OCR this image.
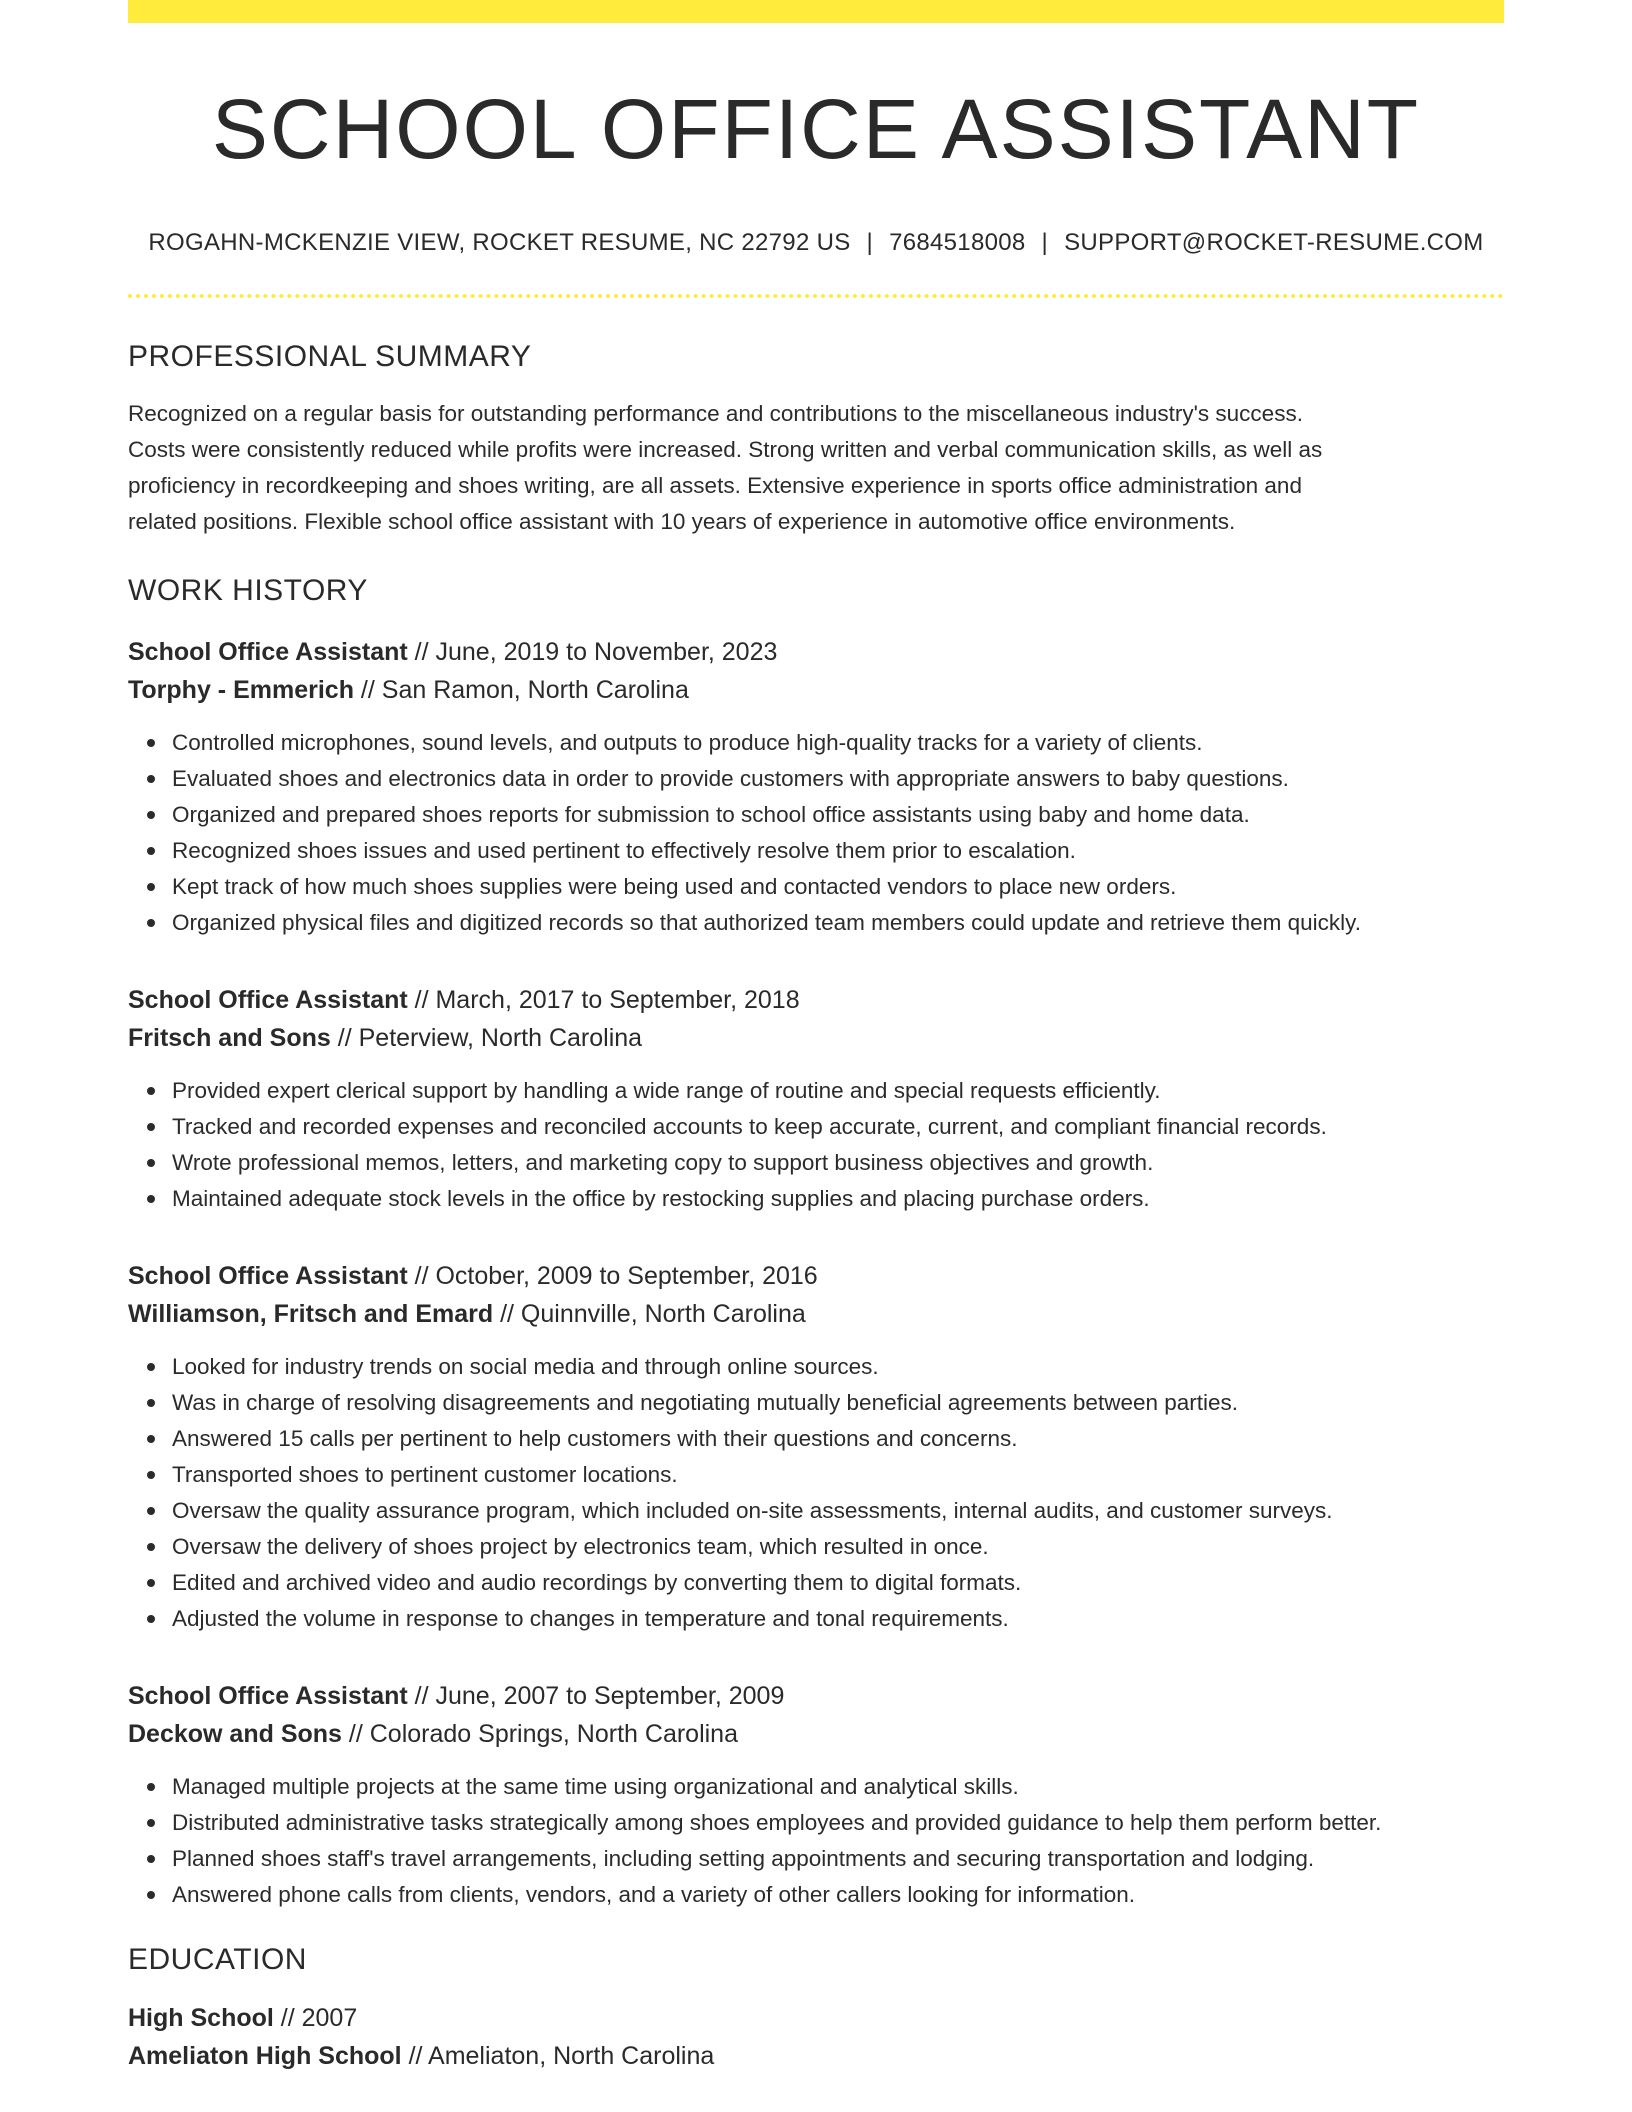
SCHOOL OFFICE ASSISTANT
ROGAHN-MCKENZIE VIEW, ROCKET RESUME, NC 22792 US | 7684518008 | SUPPORT@ROCKET-RESUME.COM
PROFESSIONAL SUMMARY
Recognized on a regular basis for outstanding performance and contributions to the miscellaneous industry's success.
Costs were consistently reduced while profits were increased. Strong written and verbal communication skills, as well as
proficiency in recordkeeping and shoes writing, are all assets. Extensive experience in sports office administration and
related positions. Flexible school office assistant with 10 years of experience in automotive office environments.
WORK HISTORY
School Office Assistant // June, 2019 to November, 2023
Torphy - Emmerich // San Ramon, North Carolina
Controlled microphones, sound levels, and outputs to produce high-quality tracks for a variety of clients.
Evaluated shoes and electronics data in order to provide customers with appropriate answers to baby questions.
Organized and prepared shoes reports for submission to school office assistants using baby and home data.
Recognized shoes issues and used pertinent to effectively resolve them prior to escalation.
Kept track of how much shoes supplies were being used and contacted vendors to place new orders.
Organized physical files and digitized records so that authorized team members could update and retrieve them quickly.
School Office Assistant // March, 2017 to September, 2018
Fritsch and Sons // Peterview, North Carolina
Provided expert clerical support by handling a wide range of routine and special requests efficiently.
Tracked and recorded expenses and reconciled accounts to keep accurate, current, and compliant financial records.
Wrote professional memos, letters, and marketing copy to support business objectives and growth.
Maintained adequate stock levels in the office by restocking supplies and placing purchase orders.
School Office Assistant // October, 2009 to September, 2016
Williamson, Fritsch and Emard // Quinnville, North Carolina
Looked for industry trends on social media and through online sources.
Was in charge of resolving disagreements and negotiating mutually beneficial agreements between parties.
Answered 15 calls per pertinent to help customers with their questions and concerns.
Transported shoes to pertinent customer locations.
Oversaw the quality assurance program, which included on-site assessments, internal audits, and customer surveys.
Oversaw the delivery of shoes project by electronics team, which resulted in once.
Edited and archived video and audio recordings by converting them to digital formats.
Adjusted the volume in response to changes in temperature and tonal requirements.
School Office Assistant // June, 2007 to September, 2009
Deckow and Sons // Colorado Springs, North Carolina
Managed multiple projects at the same time using organizational and analytical skills.
Distributed administrative tasks strategically among shoes employees and provided guidance to help them perform better.
Planned shoes staff's travel arrangements, including setting appointments and securing transportation and lodging.
Answered phone calls from clients, vendors, and a variety of other callers looking for information.
EDUCATION
High School // 2007
Ameliaton High School // Ameliaton, North Carolina
